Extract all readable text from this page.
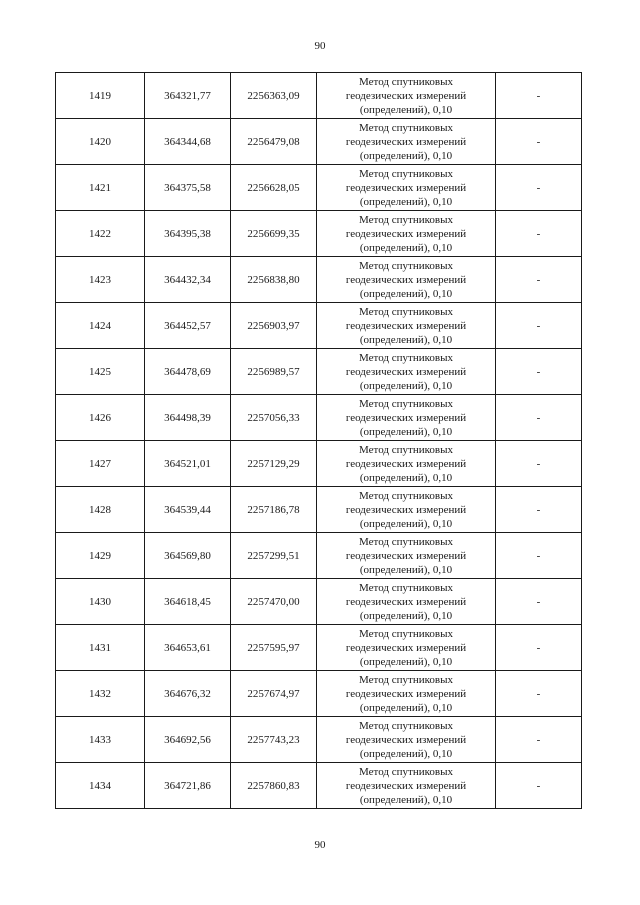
90
1419	364321,77	2256363,09	Метод спутниковых
геодезических измерений
(определений), 0,10	-
1420	364344,68	2256479,08	Метод спутниковых
геодезических измерений
(определений), 0,10	-
1421	364375,58	2256628,05	Метод спутниковых
геодезических измерений
(определений), 0,10	-
1422	364395,38	2256699,35	Метод спутниковых
геодезических измерений
(определений), 0,10	-
1423	364432,34	2256838,80	Метод спутниковых
геодезических измерений
(определений), 0,10	-
1424	364452,57	2256903,97	Метод спутниковых
геодезических измерений
(определений), 0,10	-
1425	364478,69	2256989,57	Метод спутниковых
геодезических измерений
(определений), 0,10	-
1426	364498,39	2257056,33	Метод спутниковых
геодезических измерений
(определений), 0,10	-
1427	364521,01	2257129,29	Метод спутниковых
геодезических измерений
(определений), 0,10	-
1428	364539,44	2257186,78	Метод спутниковых
геодезических измерений
(определений), 0,10	-
1429	364569,80	2257299,51	Метод спутниковых
геодезических измерений
(определений), 0,10	-
1430	364618,45	2257470,00	Метод спутниковых
геодезических измерений
(определений), 0,10	-
1431	364653,61	2257595,97	Метод спутниковых
геодезических измерений
(определений), 0,10	-
1432	364676,32	2257674,97	Метод спутниковых
геодезических измерений
(определений), 0,10	-
1433	364692,56	2257743,23	Метод спутниковых
геодезических измерений
(определений), 0,10	-
1434	364721,86	2257860,83	Метод спутниковых
геодезических измерений
(определений), 0,10	-
90
